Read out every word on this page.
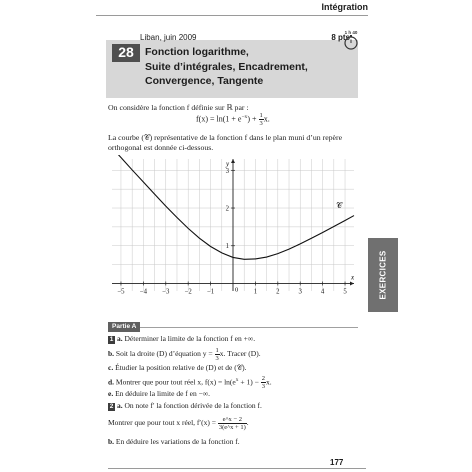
Intégration
Liban, juin 2009	8 pts
28	Fonction logarithme,
Suite d’intégrales, Encadrement,
Convergence, Tangente
1 h 40
On considère la fonction f définie sur ℝ par :
$f(x) = \ln(1 + e^{-x}) + \frac{1}{3} x$.
La courbe (𝒞) représentative de la fonction f dans le plan muni d’un repère
orthogonal est donnée ci-dessous.
−5 −4 −3 −2 −1	1	2	3	4	5
1
2
3
x
y
0
𝒞
EXERCICES
Partie A
1 a. Déterminer la limite de la fonction f en +∞.
b. Soit la droite (D) d’équation $y = \frac{1}{3} x$. Tracer (D).
c. Étudier la position relative de (D) et de (𝒞).
d. Montrer que pour tout réel x, $f(x) = \ln(e^x + 1) - \frac{2}{3} x$.
e. En déduire la limite de f en −∞.
2 a. On note f′ la fonction dérivée de la fonction f.
Montrer que pour tout x réel, $f'(x) = \frac{e\^{}x - 2}{3(e\^{}x + 1)}$ .
b. En déduire les variations de la fonction f.
177
